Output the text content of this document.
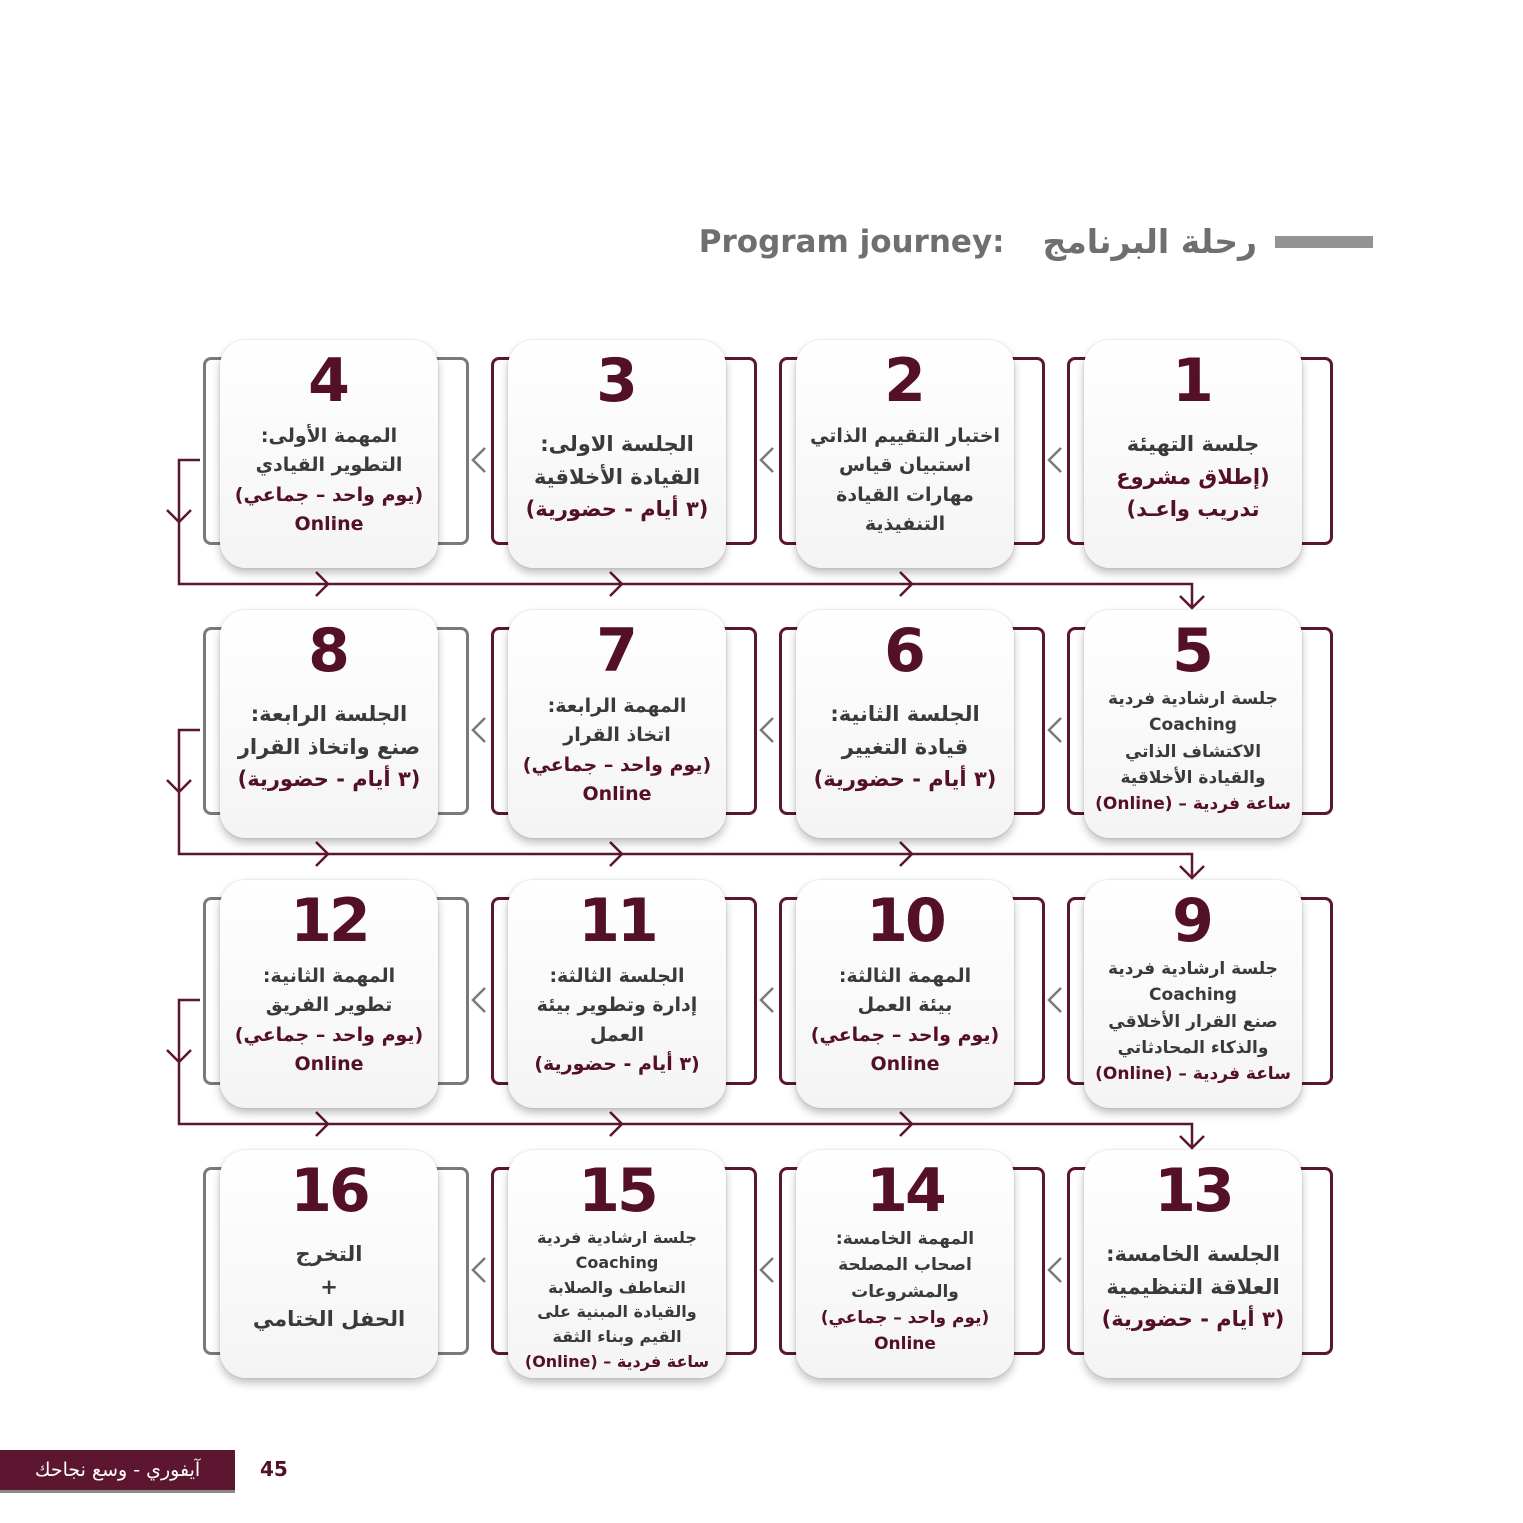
رحلة البرنامج
Program journey:
1
جلسة التهيئة
(إطلاق مشروع
تدريب واعـد)
2
اختبار التقييم الذاتي
استبيان قياس
مهارات القيادة
التنفيذية
3
الجلسة الاولى:
القيادة الأخلاقية
(٣ أيام - حضورية)
4
المهمة الأولى:
التطوير القيادي
(يوم واحد – جماعي)
Online
5
جلسة ارشادية فردية
Coaching
الاكتشاف الذاتي
والقيادة الأخلاقية
ساعة فردية – (Online)
6
الجلسة الثانية:
قيادة التغيير
(٣ أيام - حضورية)
7
المهمة الرابعة:
اتخاذ القرار
(يوم واحد – جماعي)
Online
8
الجلسة الرابعة:
صنع واتخاذ القرار
(٣ أيام - حضورية)
9
جلسة ارشادية فردية
Coaching
صنع القرار الأخلاقي
والذكاء المحادثاتي
ساعة فردية – (Online)
10
المهمة الثالثة:
بيئة العمل
(يوم واحد – جماعي)
Online
11
الجلسة الثالثة:
إدارة وتطوير بيئة
العمل
(٣ أيام - حضورية)
12
المهمة الثانية:
تطوير الفريق
(يوم واحد – جماعي)
Online
13
الجلسة الخامسة:
العلاقة التنظيمية
(٣ أيام - حضورية)
14
المهمة الخامسة:
اصحاب المصلحة
والمشروعات
(يوم واحد – جماعي)
Online
15
جلسة ارشادية فردية
Coaching
التعاطف والصلابة
والقيادة المبنية على
القيم وبناء الثقة
ساعة فردية – (Online)
16
التخرج
+
الحفل الختامي
آيفوري - وسع نجاحك	45
